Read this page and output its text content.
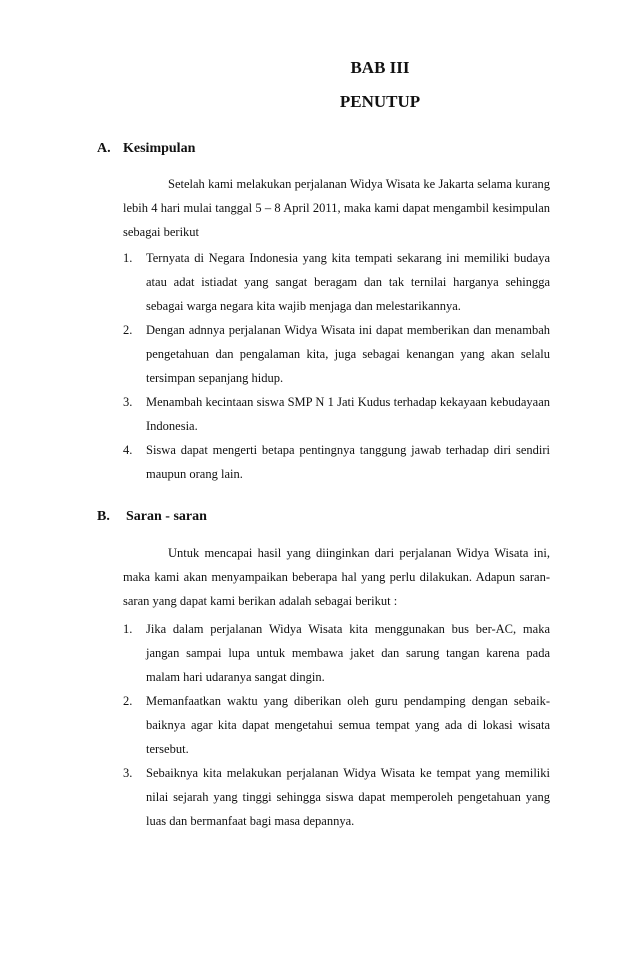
BAB III
PENUTUP
A. Kesimpulan

Setelah kami melakukan perjalanan Widya Wisata ke Jakarta selama kurang lebih 4 hari mulai tanggal 5 – 8 April 2011, maka kami dapat mengambil kesimpulan sebagai berikut

1. Ternyata di Negara Indonesia yang kita tempati sekarang ini memiliki budaya atau adat istiadat yang sangat beragam dan tak ternilai harganya sehingga sebagai warga negara kita wajib menjaga dan melestarikannya.
2. Dengan adnnya perjalanan Widya Wisata ini dapat memberikan dan menambah pengetahuan dan pengalaman kita, juga sebagai kenangan yang akan selalu tersimpan sepanjang hidup.
3. Menambah kecintaan siswa SMP N 1 Jati Kudus terhadap kekayaan kebudayaan Indonesia.
4. Siswa dapat mengerti betapa pentingnya tanggung jawab terhadap diri sendiri maupun orang lain.
B. Saran - saran

Untuk mencapai hasil yang diinginkan dari perjalanan Widya Wisata ini, maka kami akan menyampaikan beberapa hal yang perlu dilakukan. Adapun saran-saran yang dapat kami berikan adalah sebagai berikut :

1. Jika dalam perjalanan Widya Wisata kita menggunakan bus ber-AC, maka jangan sampai lupa untuk membawa jaket dan sarung tangan karena pada malam hari udaranya sangat dingin.
2. Memanfaatkan waktu yang diberikan oleh guru pendamping dengan sebaik-baiknya agar kita dapat mengetahui semua tempat yang ada di lokasi wisata tersebut.
3. Sebaiknya kita melakukan perjalanan Widya Wisata ke tempat yang memiliki nilai sejarah yang tinggi sehingga siswa dapat memperoleh pengetahuan yang luas dan bermanfaat bagi masa depannya.
